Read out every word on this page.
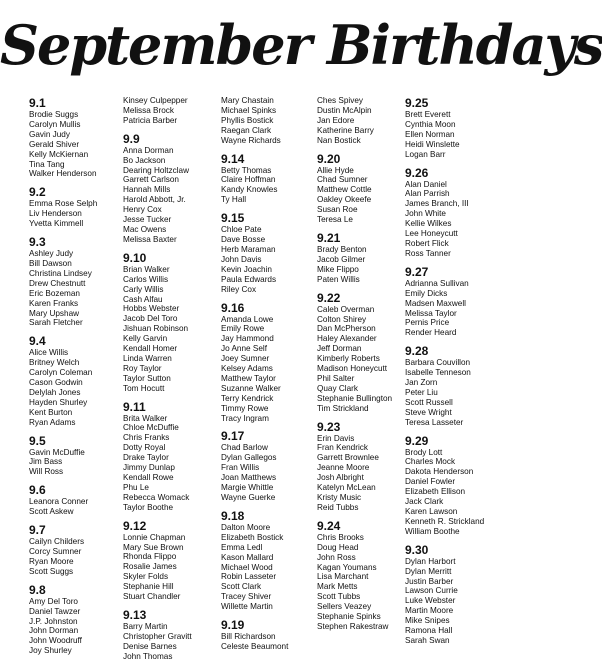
September Birthdays
9.1
Brodie Suggs
Carolyn Mullis
Gavin Judy
Gerald Shiver
Kelly McKiernan
Tina Tang
Walker Henderson
9.2
Emma Rose Selph
Liv Henderson
Yvetta Kimmell
9.3
Ashley Judy
Bill Dawson
Christina Lindsey
Drew Chestnutt
Eric Bozeman
Karen Franks
Mary Upshaw
Sarah Fletcher
9.4
Alice Willis
Britney Welch
Carolyn Coleman
Cason Godwin
Delylah Jones
Hayden Shurley
Kent Burton
Ryan Adams
9.5
Gavin McDuffie
Jim Bass
Will Ross
9.6
Leanora Conner
Scott Askew
9.7
Cailyn Childers
Corcy Sumner
Ryan Moore
Scott Suggs
9.8
Amy Del Toro
Daniel Tawzer
J.P. Johnston
John Dorman
John Woodruff
Joy Shurley
Kinsey Culpepper
Melissa Brock
Patricia Barber
9.9
Anna Dorman
Bo Jackson
Dearing Holtzclaw
Garrett Carlson
Hannah Mills
Harold Abbott, Jr.
Henry Cox
Jesse Tucker
Mac Owens
Melissa Baxter
9.10
Brian Walker
Carlos Willis
Carly Willis
Cash Alfau
Hobbs Webster
Jacob Del Toro
Jishuan Robinson
Kelly Garvin
Kendall Homer
Linda Warren
Roy Taylor
Taylor Sutton
Tom Hocutt
9.11
Brita Walker
Chloe McDuffie
Chris Franks
Dotty Royal
Drake Taylor
Jimmy Dunlap
Kendall Rowe
Phu Le
Rebecca Womack
Taylor Boothe
9.12
Lonnie Chapman
Mary Sue Brown
Rhonda Flippo
Rosalie James
Skyler Folds
Stephanie Hill
Stuart Chandler
9.13
Barry Martin
Christopher Gravitt
Denise Barnes
John Thomas
Mary Chastain
Michael Spinks
Phyllis Bostick
Raegan Clark
Wayne Richards
9.14
Betty Thomas
Claire Hoffman
Kandy Knowles
Ty Hall
9.15
Chloe Pate
Dave Bosse
Herb Maraman
John Davis
Kevin Joachin
Paula Edwards
Riley Cox
9.16
Amanda Lowe
Emily Rowe
Jay Hammond
Jo Anne Self
Joey Sumner
Kelsey Adams
Matthew Taylor
Suzanne Walker
Terry Kendrick
Timmy Rowe
Tracy Ingram
9.17
Chad Barlow
Dylan Gallegos
Fran Willis
Joan Matthews
Margie Whittle
Wayne Guerke
9.18
Dalton Moore
Elizabeth Bostick
Emma Ledl
Kason Mallard
Michael Wood
Robin Lasseter
Scott Clark
Tracey Shiver
Willette Martin
9.19
Bill Richardson
Celeste Beaumont
Ches Spivey
Dustin McAlpin
Jan Edore
Katherine Barry
Nan Bostick
9.20
Allie Hyde
Chad Sumner
Matthew Cottle
Oakley Okeefe
Susan Roe
Teresa Le
9.21
Brady Benton
Jacob Gilmer
Mike Flippo
Paten Willis
9.22
Caleb Overman
Colton Shirey
Dan McPherson
Haley Alexander
Jeff Dorman
Kimberly Roberts
Madison Honeycutt
Phil Salter
Quay Clark
Stephanie Bullington
Tim Strickland
9.23
Erin Davis
Fran Kendrick
Garrett Brownlee
Jeanne Moore
Josh Albright
Katelyn McLean
Kristy Music
Reid Tubbs
9.24
Chris Brooks
Doug Head
John Ross
Kagan Youmans
Lisa Marchant
Mark Metts
Scott Tubbs
Sellers Veazey
Stephanie Spinks
Stephen Rakestraw
9.25
Brett Everett
Cynthia Moon
Ellen Norman
Heidi Winslette
Logan Barr
9.26
Alan Daniel
Alan Parrish
James Branch, III
John White
Kellie Wilkes
Lee Honeycutt
Robert Flick
Ross Tanner
9.27
Adrianna Sullivan
Emily Dicks
Madsen Maxwell
Melissa Taylor
Pernis Price
Render Heard
9.28
Barbara Couvillon
Isabelle Tenneson
Jan Zorn
Peter Liu
Scott Russell
Steve Wright
Teresa Lasseter
9.29
Brody Lott
Charles Mock
Dakota Henderson
Daniel Fowler
Elizabeth Ellison
Jack Clark
Karen Lawson
Kenneth R. Strickland
William Boothe
9.30
Dylan Harbort
Dylan Merritt
Justin Barber
Lawson Currie
Luke Webster
Martin Moore
Mike Snipes
Ramona Hall
Sarah Swan
